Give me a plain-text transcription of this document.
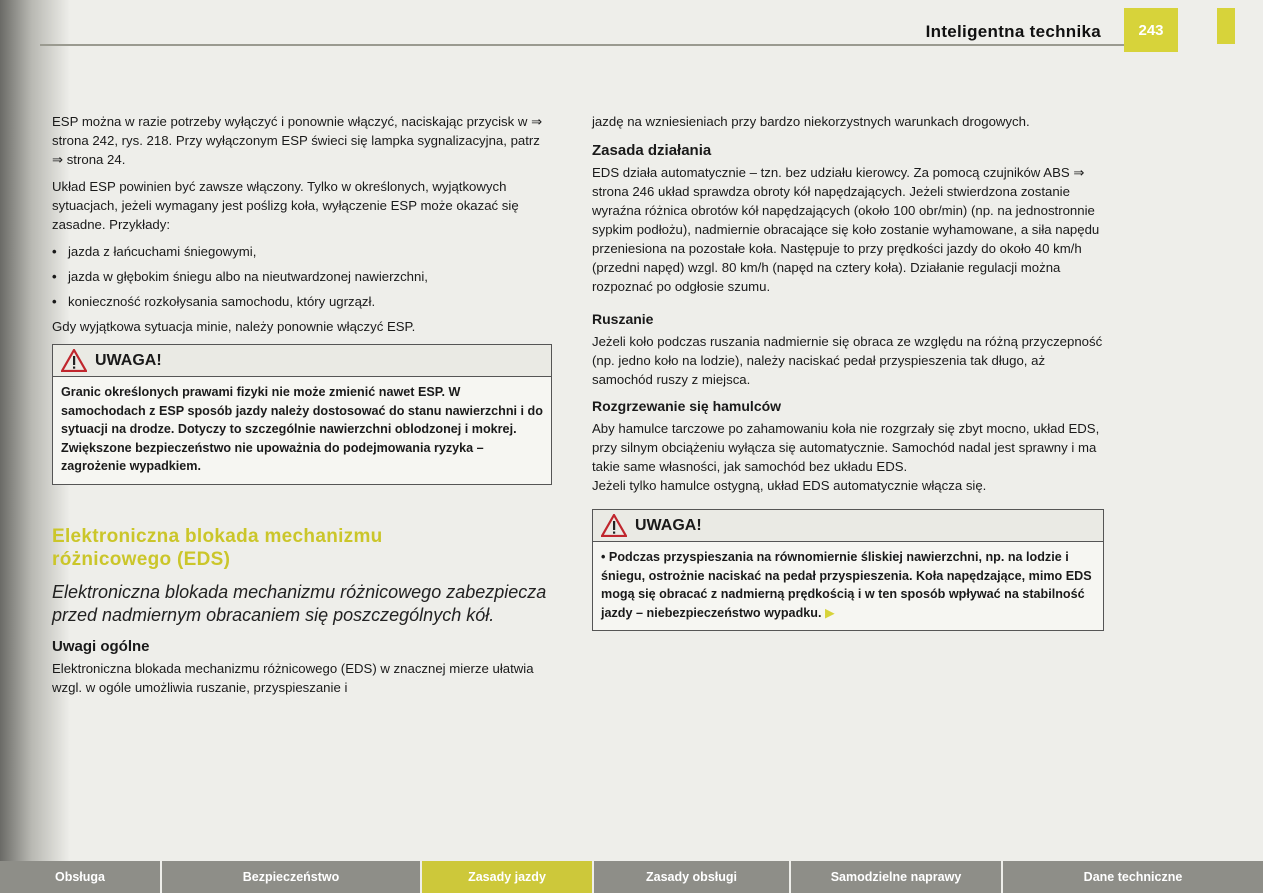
Inteligentna technika	243

ESP można w razie potrzeby wyłączyć i ponownie włączyć, naciskając przycisk w ⇒ strona 242, rys. 218. Przy wyłączonym ESP świeci się lampka sygnalizacyjna, patrz ⇒ strona 24.

Układ ESP powinien być zawsze włączony. Tylko w określonych, wyjątkowych sytuacjach, jeżeli wymagany jest poślizg koła, wyłączenie ESP może okazać się zasadne. Przykłady:

• jazda z łańcuchami śniegowymi,
• jazda w głębokim śniegu albo na nieutwardzonej nawierzchni,
• konieczność rozkołysania samochodu, który ugrzązł.

Gdy wyjątkowa sytuacja minie, należy ponownie włączyć ESP.

UWAGA!
Granic określonych prawami fizyki nie może zmienić nawet ESP. W samochodach z ESP sposób jazdy należy dostosować do stanu nawierzchni i do sytuacji na drodze. Dotyczy to szczególnie nawierzchni oblodzonej i mokrej. Zwiększone bezpieczeństwo nie upoważnia do podejmowania ryzyka – zagrożenie wypadkiem.
Elektroniczna blokada mechanizmu
różnicowego (EDS)

Elektroniczna blokada mechanizmu różnicowego zabezpiecza przed nadmiernym obracaniem się poszczególnych kół.

Uwagi ogólne

Elektroniczna blokada mechanizmu różnicowego (EDS) w znacznej mierze ułatwia wzgl. w ogóle umożliwia ruszanie, przyspieszanie i

jazdę na wzniesieniach przy bardzo niekorzystnych warunkach drogowych.

Zasada działania

EDS działa automatycznie – tzn. bez udziału kierowcy. Za pomocą czujników ABS ⇒ strona 246 układ sprawdza obroty kół napędzających. Jeżeli stwierdzona zostanie wyraźna różnica obrotów kół napędzających (około 100 obr/min) (np. na jednostronnie sypkim podłożu), nadmiernie obracające się koło zostanie wyhamowane, a siła napędu przeniesiona na pozostałe koła. Następuje to przy prędkości jazdy do około 40 km/h (przedni napęd) wzgl. 80 km/h (napęd na cztery koła). Działanie regulacji można rozpoznać po odgłosie szumu.

Ruszanie

Jeżeli koło podczas ruszania nadmiernie się obraca ze względu na różną przyczepność (np. jedno koło na lodzie), należy naciskać pedał przyspieszenia tak długo, aż samochód ruszy z miejsca.

Rozgrzewanie się hamulców

Aby hamulce tarczowe po zahamowaniu koła nie rozgrzały się zbyt mocno, układ EDS, przy silnym obciążeniu wyłącza się automatycznie. Samochód nadal jest sprawny i ma takie same własności, jak samochód bez układu EDS.

Jeżeli tylko hamulce ostygną, układ EDS automatycznie włącza się.

UWAGA!
• Podczas przyspieszania na równomiernie śliskiej nawierzchni, np. na lodzie i śniegu, ostrożnie naciskać na pedał przyspieszenia. Koła napędzające, mimo EDS mogą się obracać z nadmierną prędkością i w ten sposób wpływać na stabilność jazdy – niebezpieczeństwo wypadku. ▶
Obsługa	Bezpieczeństwo	Zasady jazdy	Zasady obsługi	Samodzielne naprawy	Dane techniczne
